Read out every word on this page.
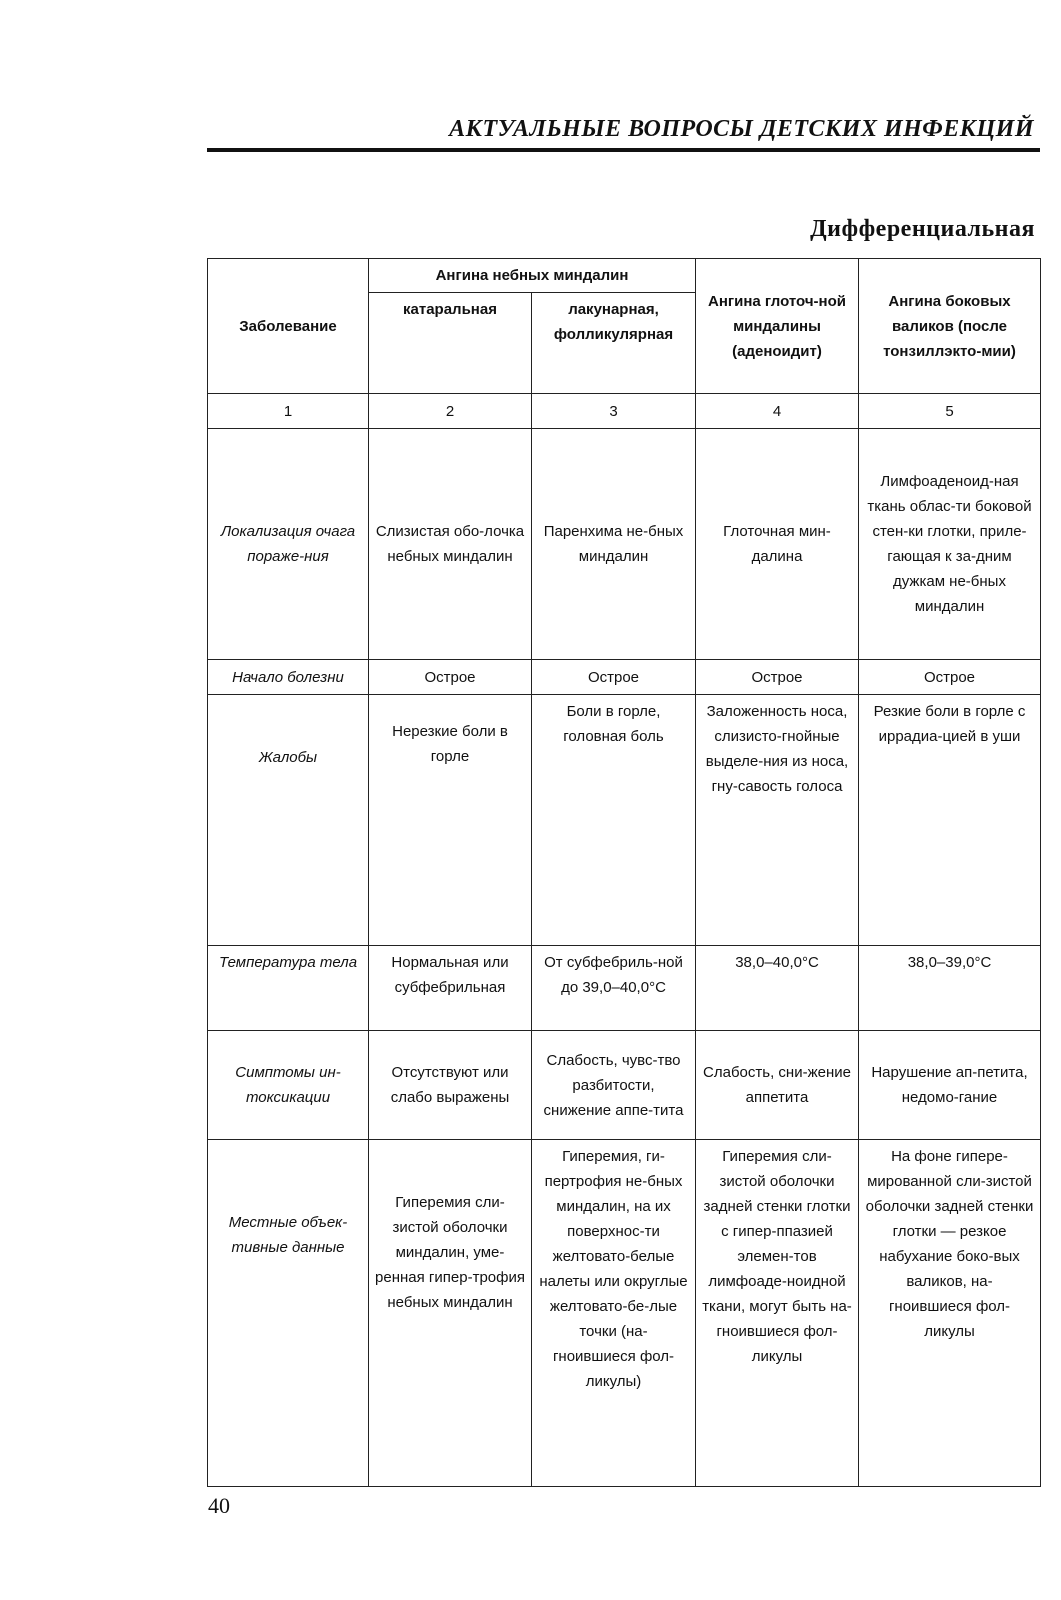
АКТУАЛЬНЫЕ ВОПРОСЫ ДЕТСКИХ ИНФЕКЦИЙ
Дифференциальная
Заболевание	Ангина небных миндалин		Ангина глоточ-ной миндалины (аденоидит)	Ангина боковых валиков (после тонзиллэкто-мии)
	катаральная	лакунарная, фолликулярная		
1	2	3	4	5
Локализация очага пораже-ния	Слизистая обо-лочка небных миндалин	Паренхима не-бных миндалин	Глоточная мин-далина	Лимфоаденоид-ная ткань облас-ти боковой стен-ки глотки, приле-гающая к за-дним дужкам не-бных миндалин
Начало болезни	Острое	Острое	Острое	Острое
Жалобы	Нерезкие боли в горле	Боли в горле, головная боль	Заложенность носа, слизисто-гнойные выделе-ния из носа, гну-савость голоса	Резкие боли в горле с иррадиа-цией в уши
Температура тела	Нормальная или субфебрильная	От субфебриль-ной до 39,0–40,0°С	38,0–40,0°С	38,0–39,0°С
Симптомы ин-токсикации	Отсутствуют или слабо выражены	Слабость, чувс-тво разбитости, снижение аппе-тита	Слабость, сни-жение аппетита	Нарушение ап-петита, недомо-гание
Местные объек-тивные данные	Гиперемия сли-зистой оболочки миндалин, уме-ренная гипер-трофия небных миндалин	Гиперемия, ги-пертрофия не-бных миндалин, на их поверхнос-ти желтовато-белые налеты или округлые желтовато-бе-лые точки (на-гноившиеся фол-ликулы)	Гиперемия сли-зистой оболочки задней стенки глотки с гипер-ппазией элемен-тов лимфоаде-ноидной ткани, могут быть на-гноившиеся фол-ликулы	На фоне гипере-мированной сли-зистой оболочки задней стенки глотки — резкое набухание боко-вых валиков, на-гноившиеся фол-ликулы
40
